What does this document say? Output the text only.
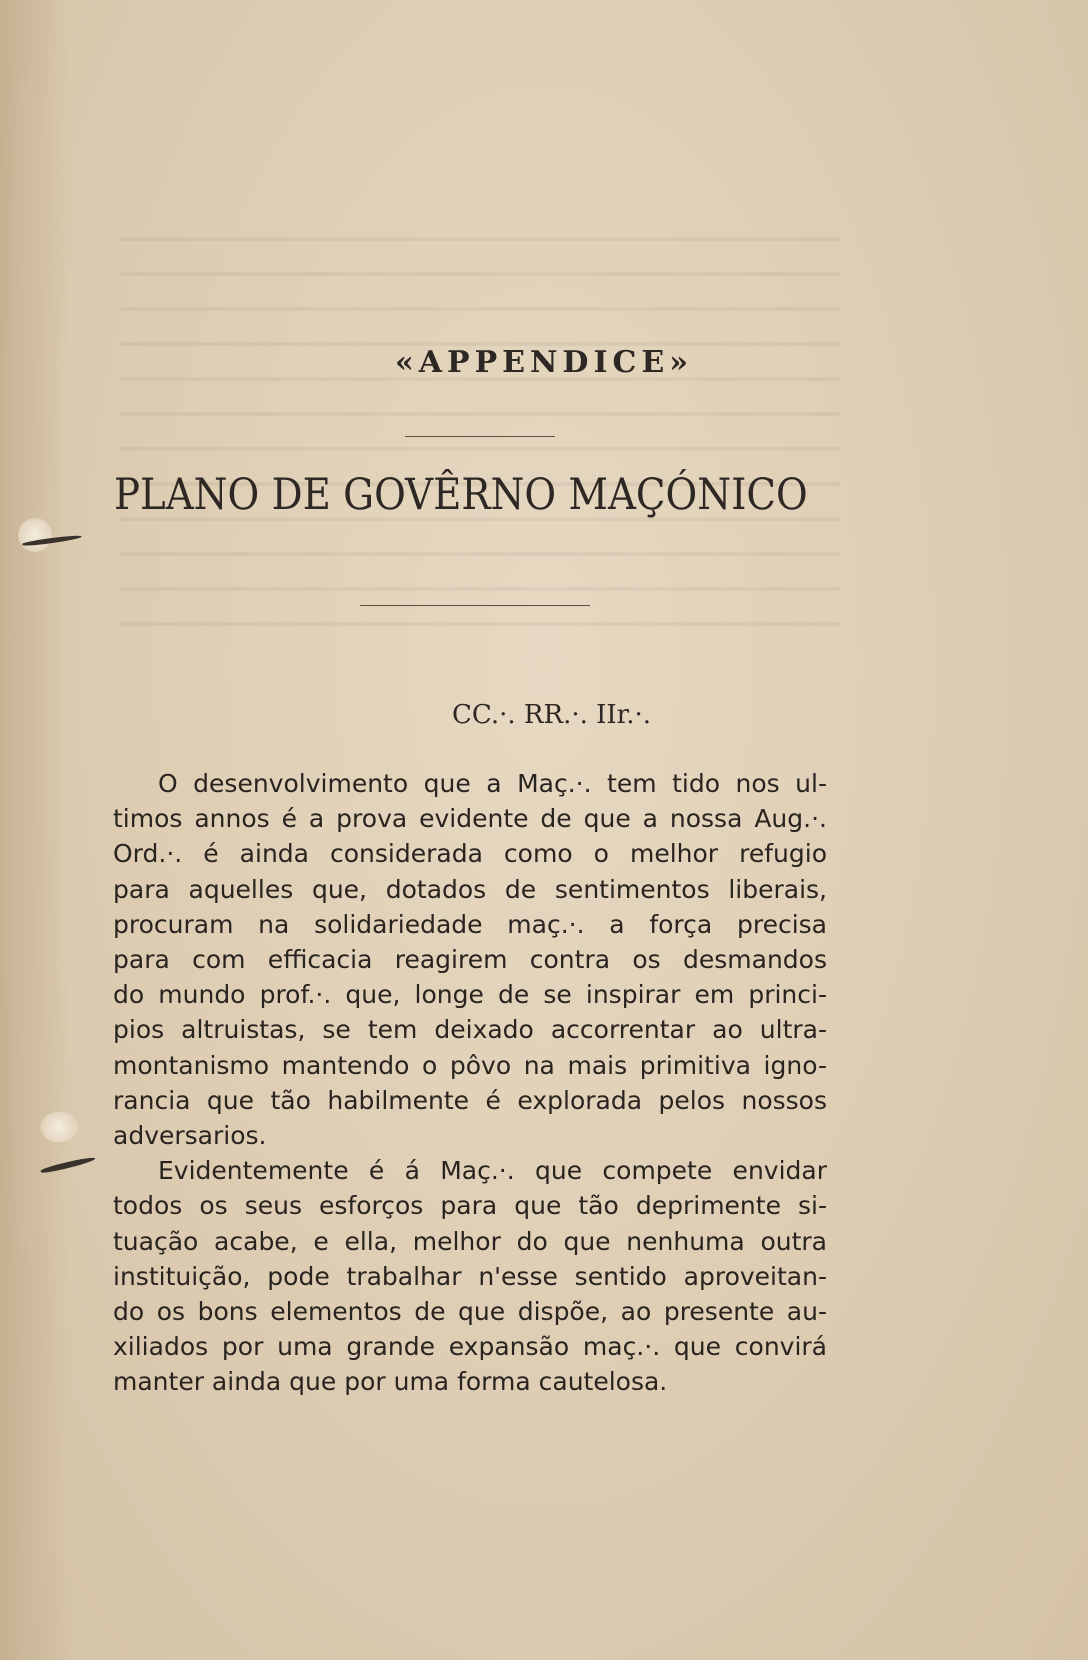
«APPENDICE»
PLANO DE GOVÊRNO MAÇÓNICO
CC.·. RR.·. IIr.·.

O desenvolvimento que a Maç.·. tem tido nos ul-
timos annos é a prova evidente de que a nossa Aug.·.
Ord.·. é ainda considerada como o melhor refugio
para aquelles que, dotados de sentimentos liberais,
procuram na solidariedade maç.·. a força precisa
para com efficacia reagirem contra os desmandos
do mundo prof.·. que, longe de se inspirar em princi-
pios altruistas, se tem deixado accorrentar ao ultra-
montanismo mantendo o pôvo na mais primitiva igno-
rancia que tão habilmente é explorada pelos nossos
adversarios.

Evidentemente é á Maç.·. que compete envidar
todos os seus esforços para que tão deprimente si-
tuação acabe, e ella, melhor do que nenhuma outra
instituição, pode trabalhar n'esse sentido aproveitan-
do os bons elementos de que dispõe, ao presente au-
xiliados por uma grande expansão maç.·. que convirá
manter ainda que por uma forma cautelosa.
